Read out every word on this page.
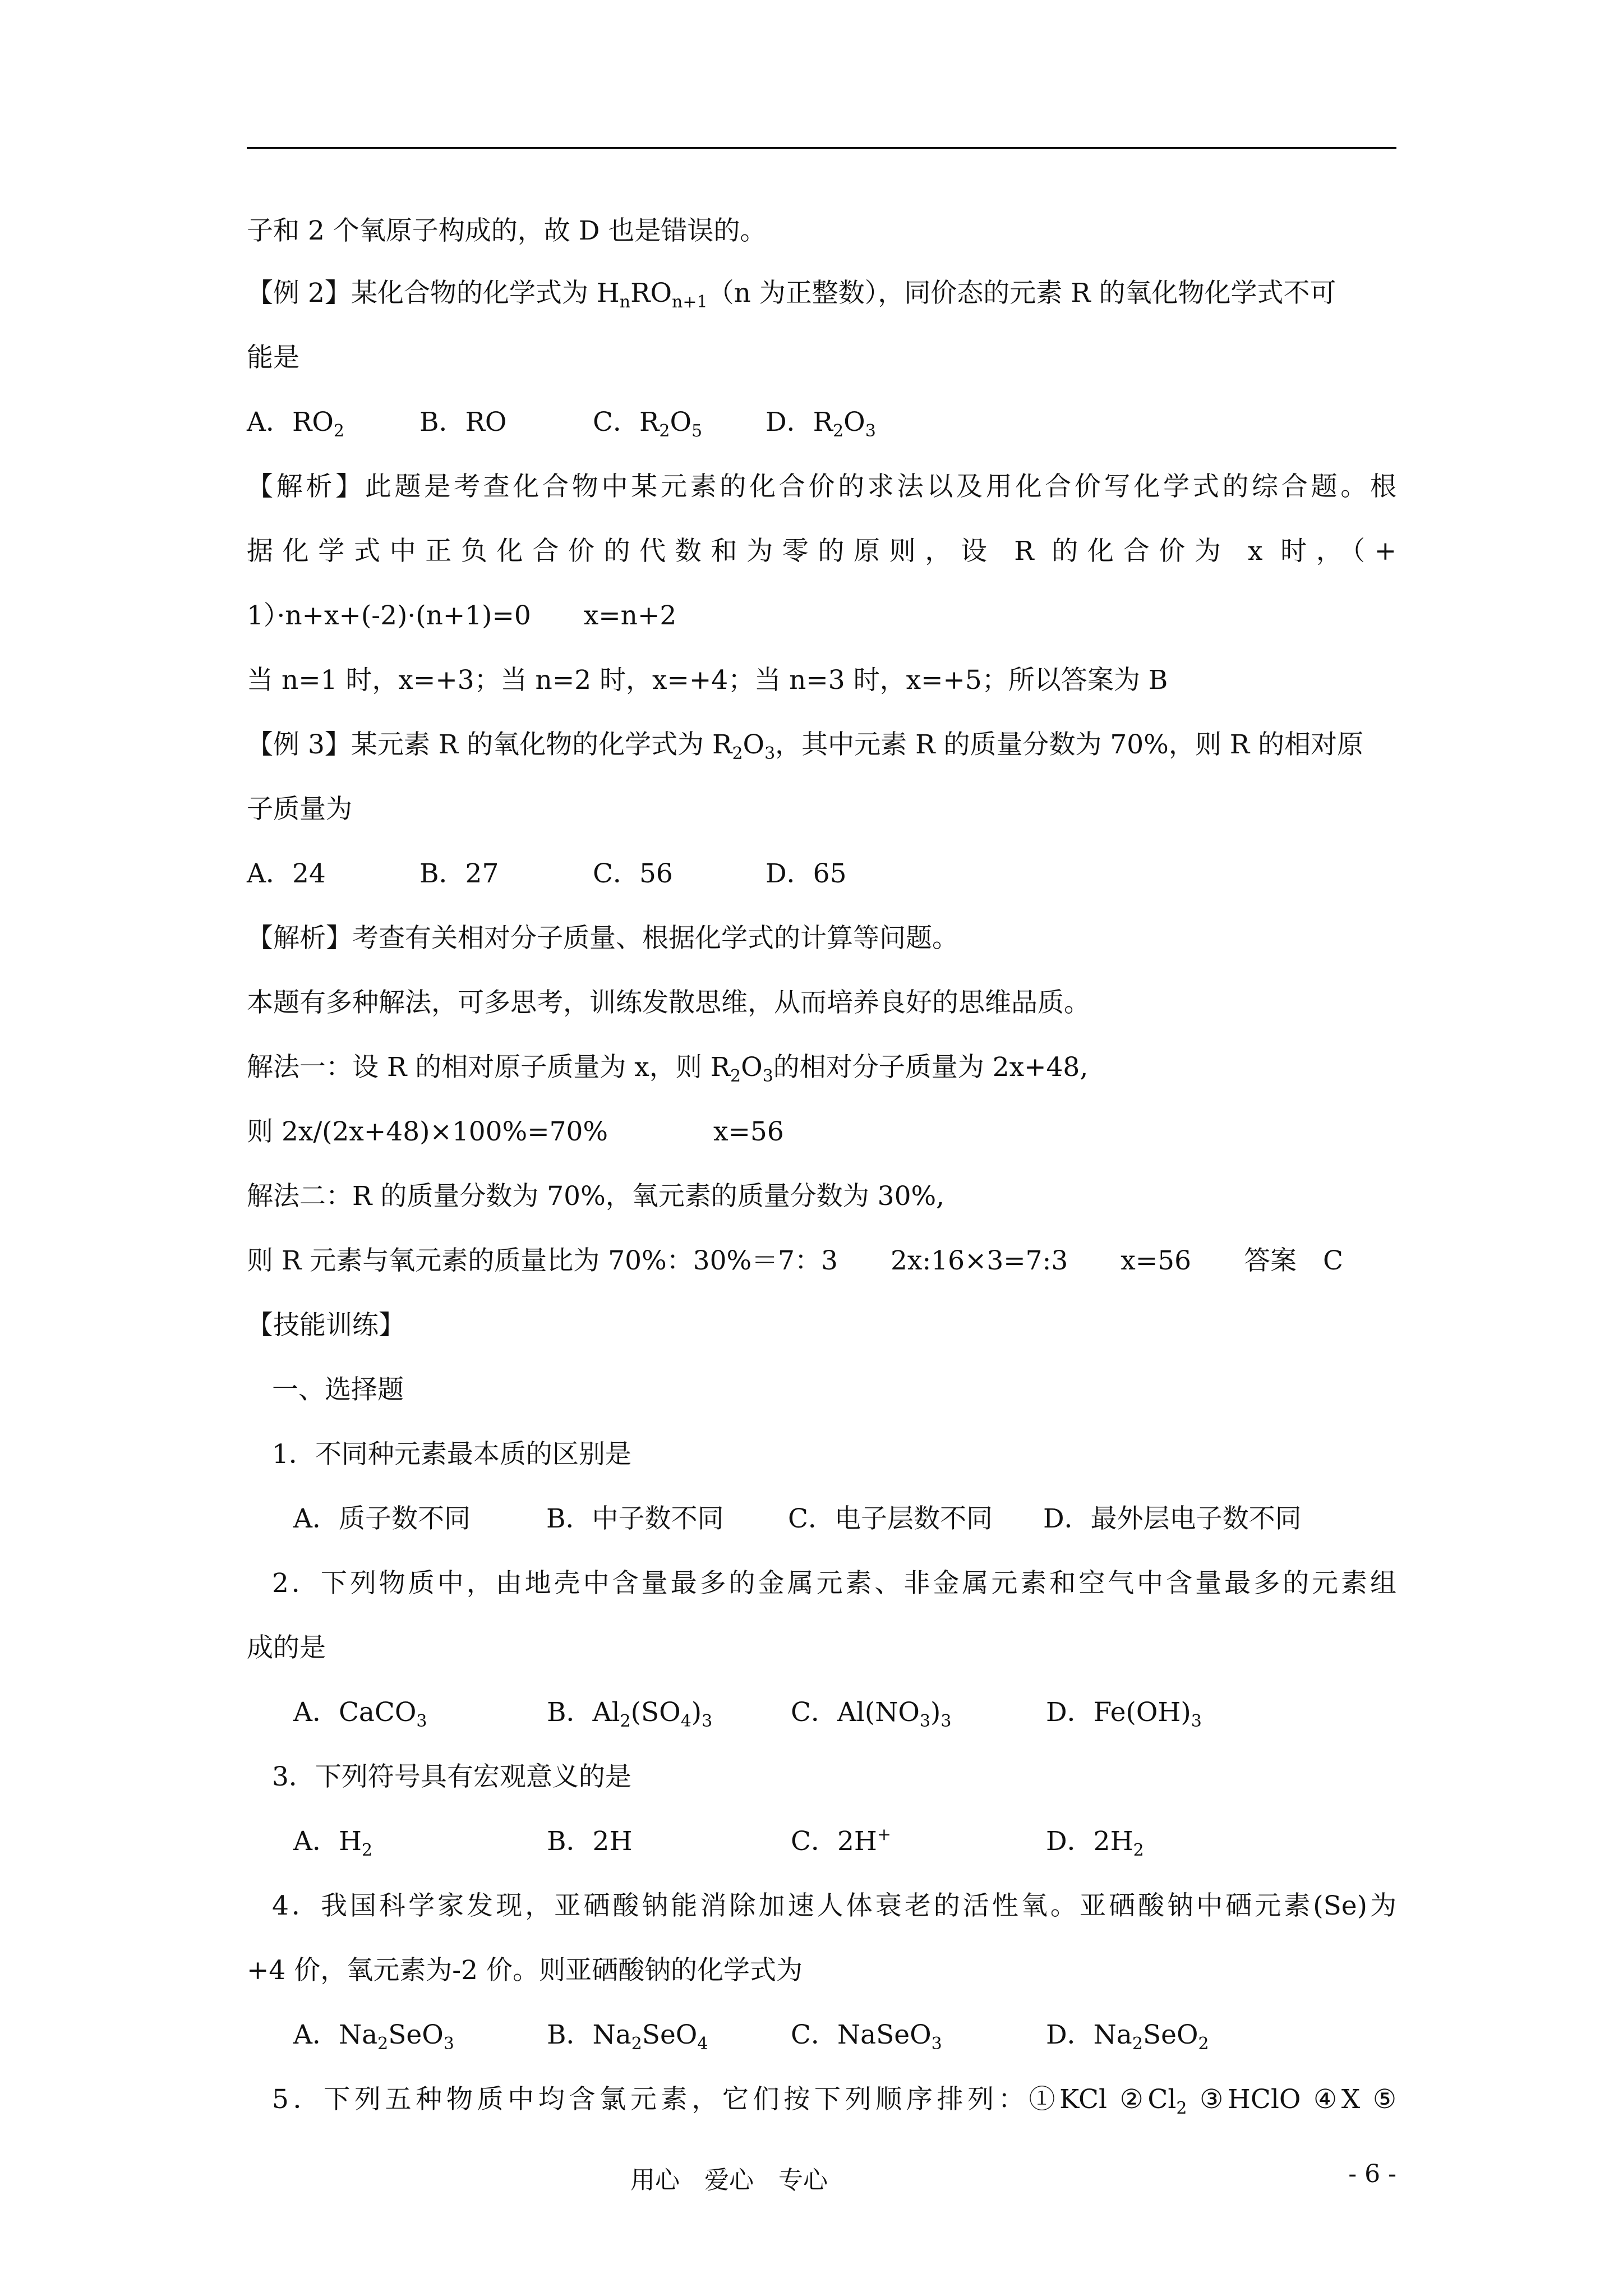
子和 2 个氧原子构成的，故 D 也是错误的。
【例 2】某化合物的化学式为 $H_nRO_{n+1}(n$ 为正整数），同价态的元素 R 的氧化物化学式不可
能是
A．$RO_2$	B．RO	C．$R_2O_5$ D．$R_2O_3$
【解析】此题是考查化合物中某元素的化合价的求法以及用化合价写化学式的综合题。根
据化学式中正负化合价的代数和为零的原则，设 R 的化合价为 x 时，（+
1）·n+x+(-2)·(n+1)=0　　x=n+2
当 n=1 时，x=+3；当 n=2 时，x=+4；当 n=3 时，x=+5；所以答案为 B
【例 3】某元素 R 的氧化物的化学式为 $R_2O_3$，其中元素 R 的质量分数为 70%，则 R 的相对原
子质量为
A．24	B．27	C．56	D．65
【解析】考查有关相对分子质量、根据化学式的计算等问题。
本题有多种解法，可多思考，训练发散思维，从而培养良好的思维品质。
解法一：设 R 的相对原子质量为 x，则 $R_2O_3$的相对分子质量为 2x+48,
则 2x/(2x+48)×100%=70%　　　　x=56
解法二：R 的质量分数为 70%，氧元素的质量分数为 30%,
则 R 元素与氧元素的质量比为 70%：30%＝7：3　　2x:16×3=7:3　　x=56　　答案　C
【技能训练】
一、选择题
1．不同种元素最本质的区别是
A．质子数不同	B．中子数不同 C．电子层数不同 D．最外层电子数不同
2．下列物质中，由地壳中含量最多的金属元素、非金属元素和空气中含量最多的元素组
成的是
A．CaCO$_3$	B．$Al_2(SO_4)_3$	C．$Al(NO_3)_3$	D．$Fe(OH)_3$
3．下列符号具有宏观意义的是
A．$H_2$	B．2H	C．2H+	D．$2H_2$
4．我国科学家发现，亚硒酸钠能消除加速人体衰老的活性氧。亚硒酸钠中硒元素(Se)为
+4 价，氧元素为-2 价。则亚硒酸钠的化学式为
A．$Na_2SeO_3$	B．$Na_2SeO_4$	C．NaSeO$_3$	D．$Na_2SeO_2$
5．下列五种物质中均含氯元素，它们按下列顺序排列：①KCl $②Cl_2$ ③HClO ④X ⑤
用心　爱心　专心	- 6 -
